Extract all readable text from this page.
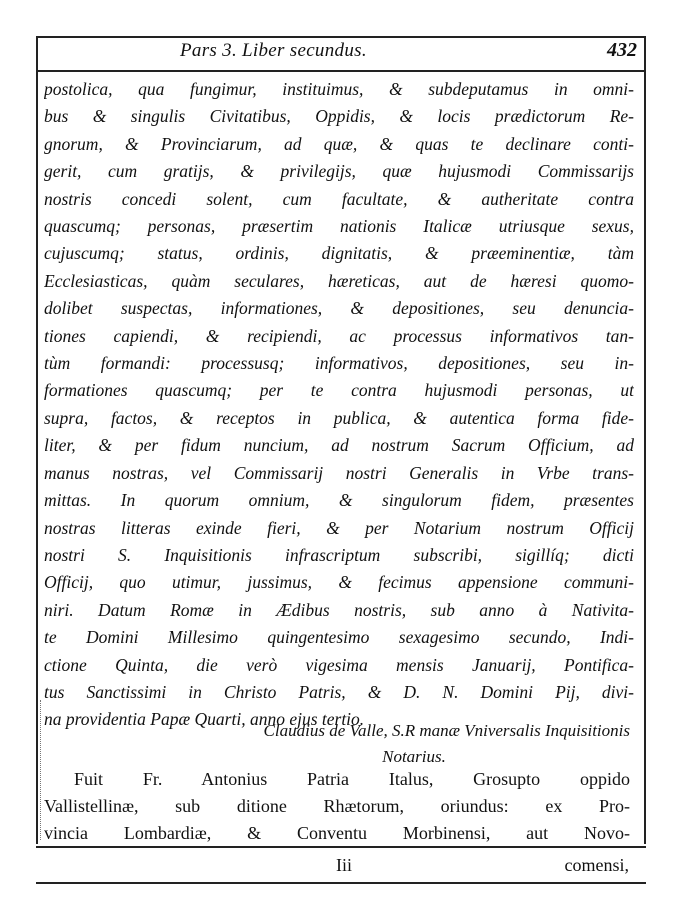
Pars 3. Liber secundus.	432
postolica, qua fungimur, instituimus, & subdeputamus in omni-
bus & singulis Civitatibus, Oppidis, & locis prædictorum Re-
gnorum, & Provinciarum, ad quæ, & quas te declinare conti-
gerit, cum gratijs, & privilegijs, quæ hujusmodi Commissarijs
nostris concedi solent, cum facultate, & autheritate contra
quascumq; personas, præsertim nationis Italicæ utriusque sexus,
cujuscumq; status, ordinis, dignitatis, & præeminentiæ, tàm
Ecclesiasticas, quàm seculares, hæreticas, aut de hæresi quomo-
dolibet suspectas, informationes, & depositiones, seu denuncia-
tiones capiendi, & recipiendi, ac processus informativos tan-
tùm formandi: processusq; informativos, depositiones, seu in-
formationes quascumq; per te contra hujusmodi personas, ut
supra, factos, & receptos in publica, & autentica forma fide-
liter, & per fidum nuncium, ad nostrum Sacrum Officium, ad
manus nostras, vel Commissarij nostri Generalis in Vrbe trans-
mittas. In quorum omnium, & singulorum fidem, præsentes
nostras litteras exinde fieri, & per Notarium nostrum Officij
nostri S. Inquisitionis infrascriptum subscribi, sigillíq; dicti
Officij, quo utimur, jussimus, & fecimus appensione communi-
niri. Datum Romæ in Ædibus nostris, sub anno à Nativita-
te Domini Millesimo quingentesimo sexagesimo secundo, Indi-
ctione Quinta, die verò vigesima mensis Januarij, Pontifica-
tus Sanctissimi in Christo Patris, & D. N. Domini Pij, divi-
na providentia Papæ Quarti, anno ejus tertio.
Claudius de Valle, S.R manæ Vniversalis Inquisitionis
Notarius.
Fuit Fr. Antonius Patria Italus, Grosupto oppido
Vallistellinæ, sub ditione Rhætorum, oriundus: ex Pro-
vincia Lombardiæ, & Conventu Morbinensi, aut Novo-
Iii	comensi,
